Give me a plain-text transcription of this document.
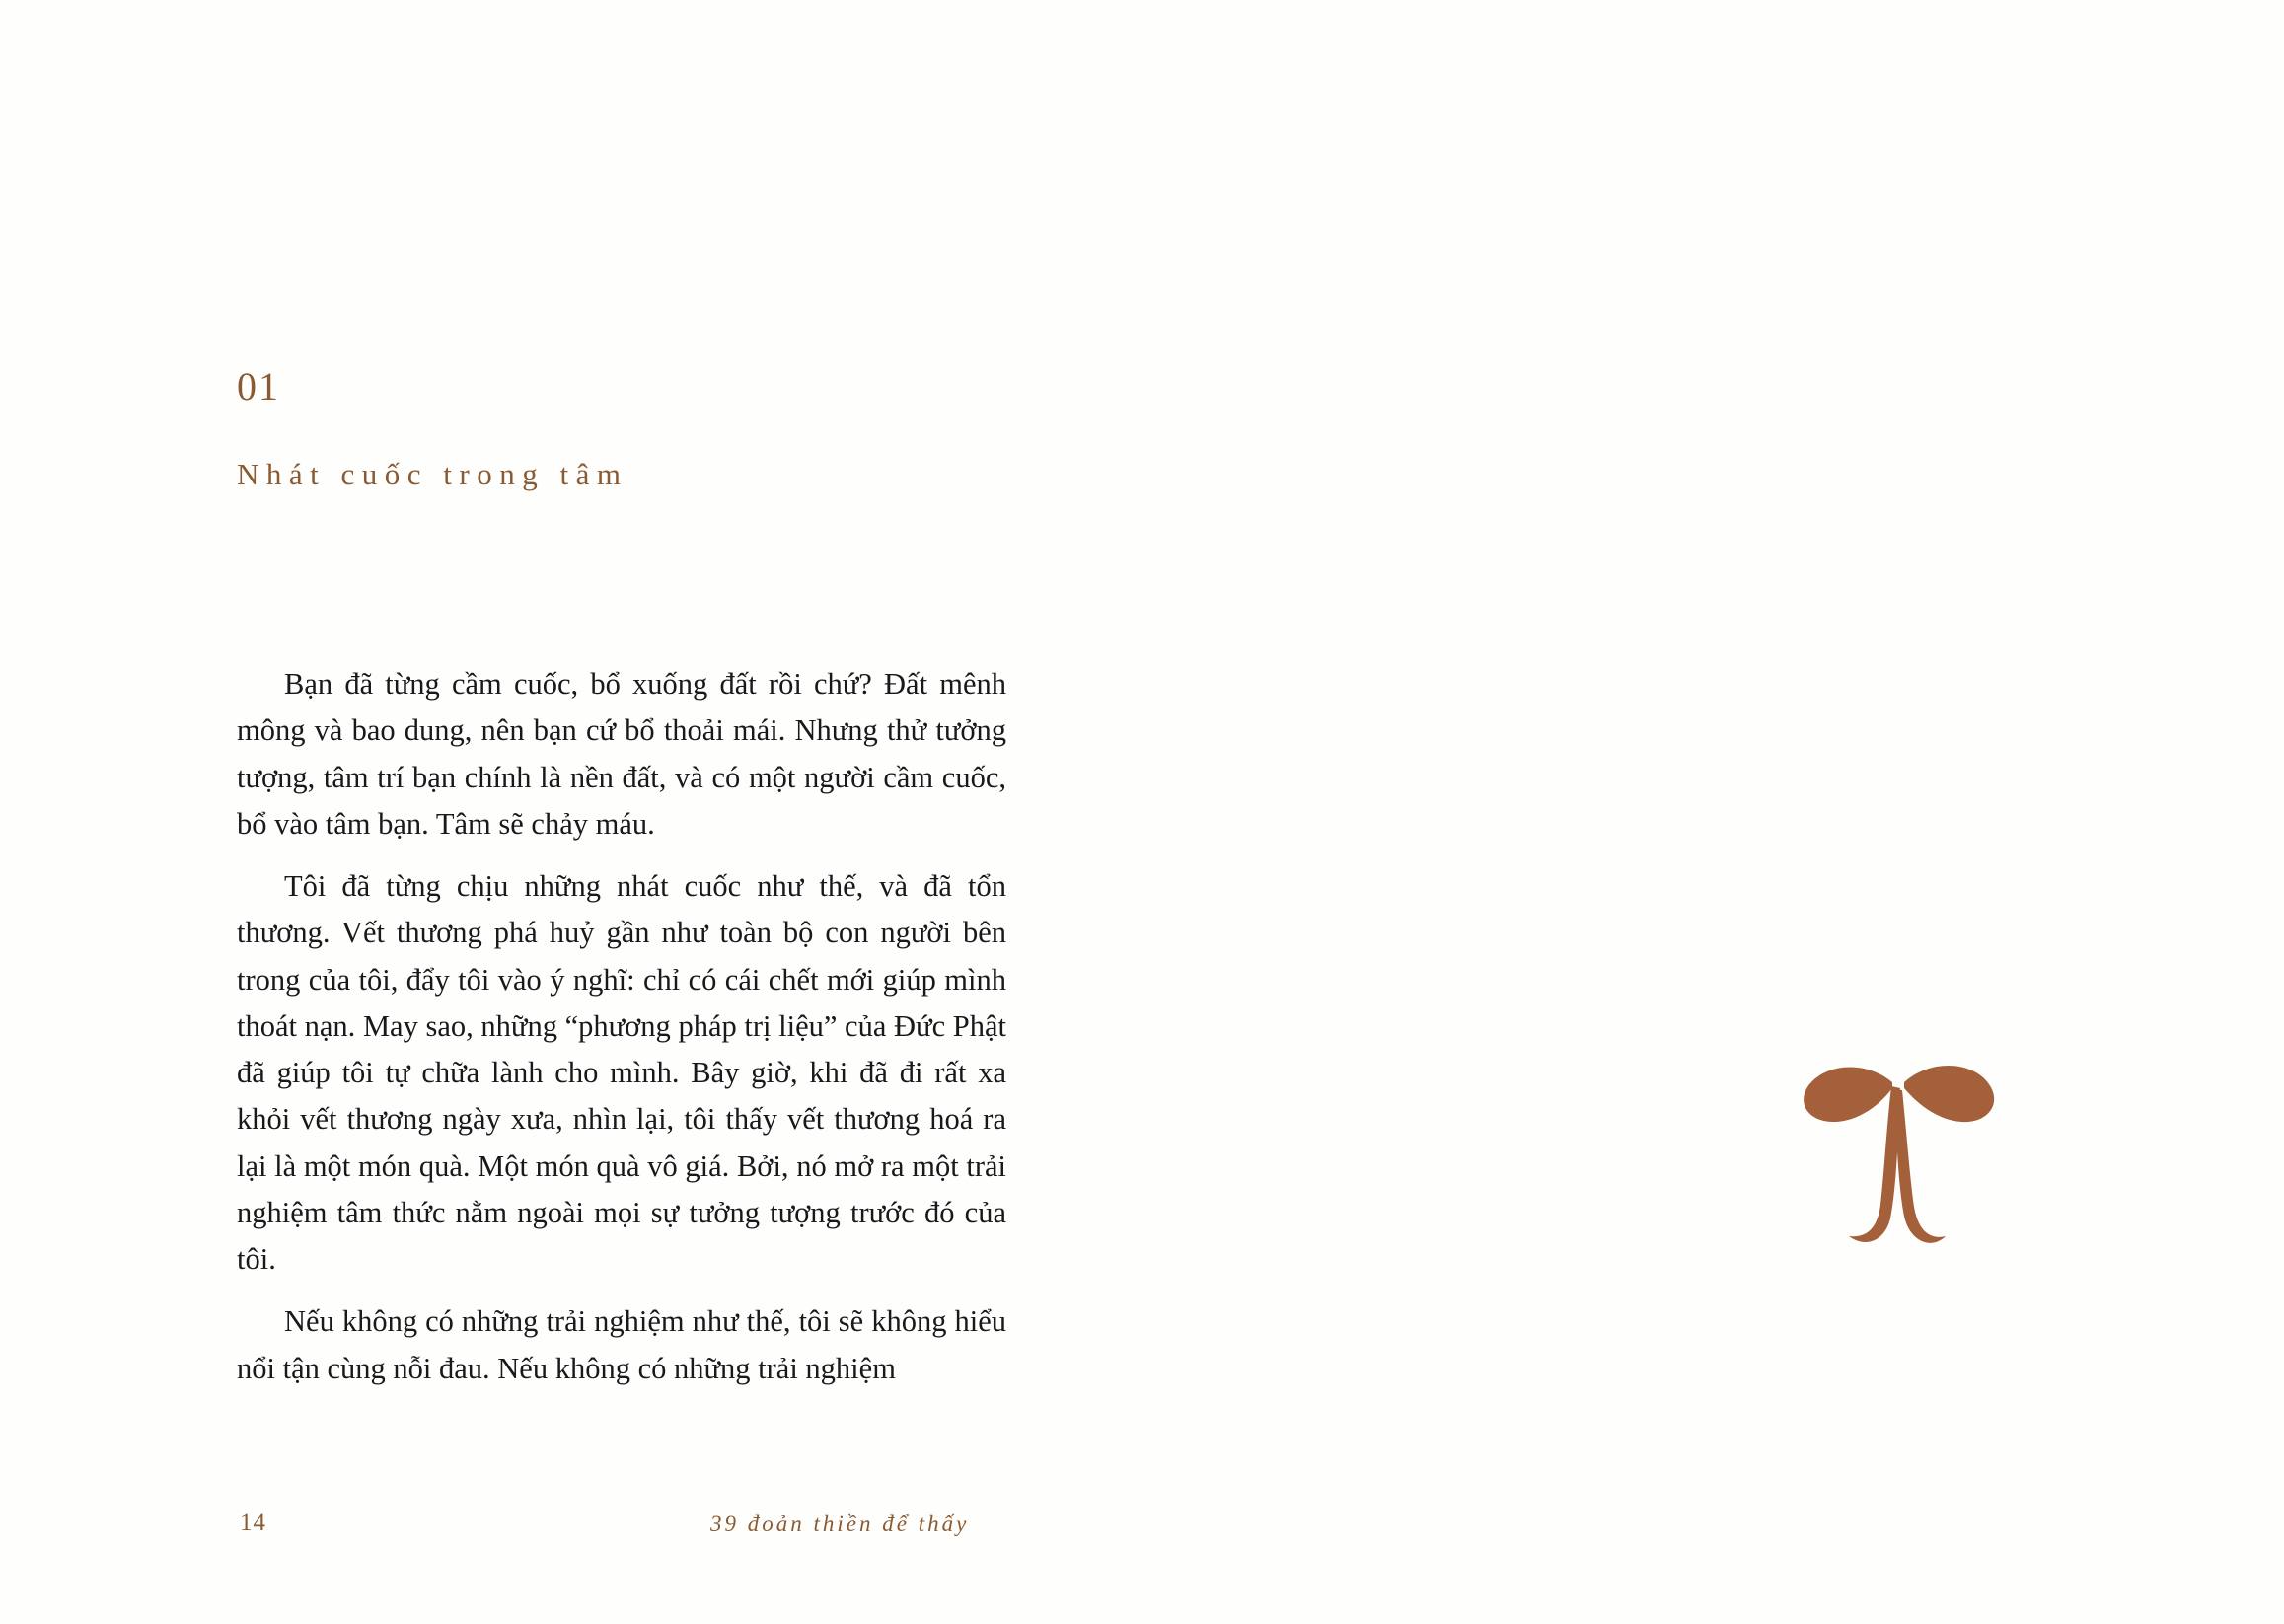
01
Nhát cuốc trong tâm

Bạn đã từng cầm cuốc, bổ xuống đất rồi chứ? Đất mênh mông và bao dung, nên bạn cứ bổ thoải mái. Nhưng thử tưởng tượng, tâm trí bạn chính là nền đất, và có một người cầm cuốc, bổ vào tâm bạn. Tâm sẽ chảy máu.

Tôi đã từng chịu những nhát cuốc như thế, và đã tổn thương. Vết thương phá huỷ gần như toàn bộ con người bên trong của tôi, đẩy tôi vào ý nghĩ: chỉ có cái chết mới giúp mình thoát nạn. May sao, những “phương pháp trị liệu” của Đức Phật đã giúp tôi tự chữa lành cho mình. Bây giờ, khi đã đi rất xa khỏi vết thương ngày xưa, nhìn lại, tôi thấy vết thương hoá ra lại là một món quà. Một món quà vô giá. Bởi, nó mở ra một trải nghiệm tâm thức nằm ngoài mọi sự tưởng tượng trước đó của tôi.

Nếu không có những trải nghiệm như thế, tôi sẽ không hiểu nổi tận cùng nỗi đau. Nếu không có những trải nghiệm

14	39 đoản thiền để thấy
